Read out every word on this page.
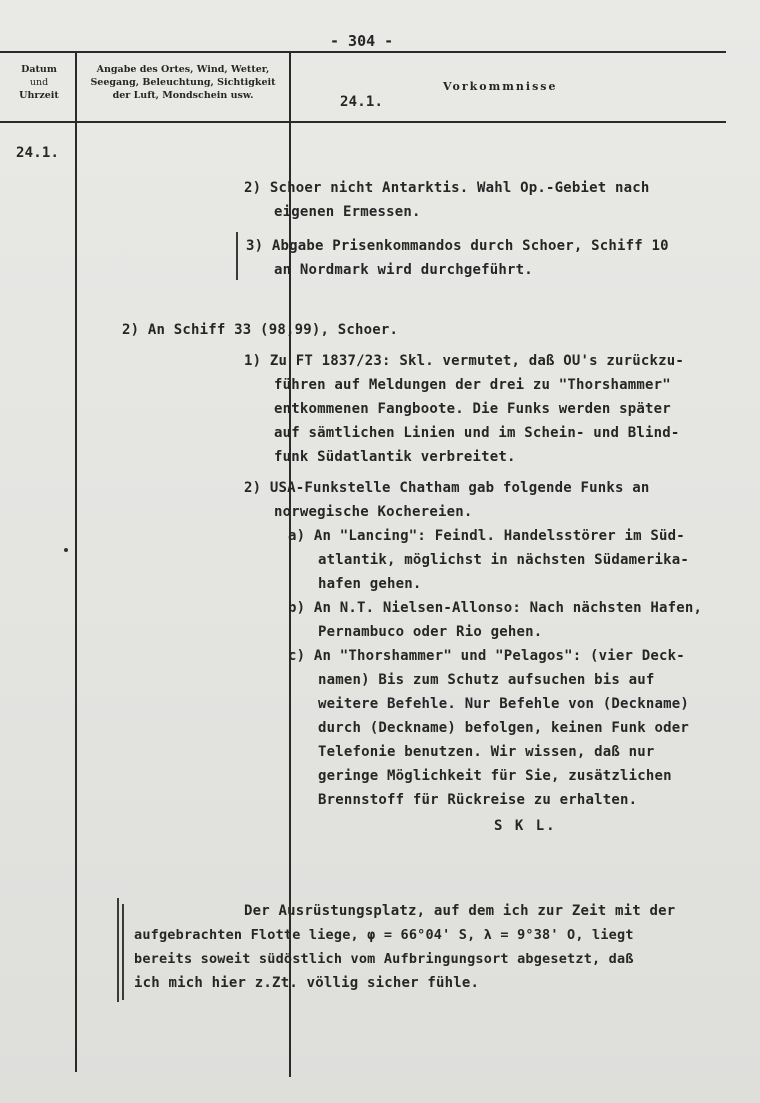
- 304 -
Datum
und
Uhrzeit
Angabe des Ortes, Wind, Wetter,
Seegang, Beleuchtung, Sichtigkeit
der Luft, Mondschein usw.	24.1.
Vorkommnisse
24.1.
2) Schoer nicht Antarktis. Wahl Op.-Gebiet nach
eigenen Ermessen.
3) Abgabe Prisenkommandos durch Schoer, Schiff 10
an Nordmark wird durchgeführt.
2) An Schiff 33 (98,99), Schoer.
1) Zu FT 1837/23: Skl. vermutet, daß OU's zurückzu-
führen auf Meldungen der drei zu "Thorshammer"
entkommenen Fangboote. Die Funks werden später
auf sämtlichen Linien und im Schein- und Blind-
funk Südatlantik verbreitet.
2) USA-Funkstelle Chatham gab folgende Funks an
norwegische Kochereien.
a) An "Lancing": Feindl. Handelsstörer im Süd-
atlantik, möglichst in nächsten Südamerika-
hafen gehen.
b) An N.T. Nielsen-Allonso: Nach nächsten Hafen,
Pernambuco oder Rio gehen.
c) An "Thorshammer" und "Pelagos": (vier Deck-
namen) Bis zum Schutz aufsuchen bis auf
weitere Befehle. Nur Befehle von (Deckname)
durch (Deckname) befolgen, keinen Funk oder
Telefonie benutzen. Wir wissen, daß nur
geringe Möglichkeit für Sie, zusätzlichen
Brennstoff für Rückreise zu erhalten.
S K L.
Der Ausrüstungsplatz, auf dem ich zur Zeit mit der
aufgebrachten Flotte liege, φ = 66°04' S, λ = 9°38' O, liegt
bereits soweit südöstlich vom Aufbringungsort abgesetzt, daß
ich mich hier z.Zt. völlig sicher fühle.
